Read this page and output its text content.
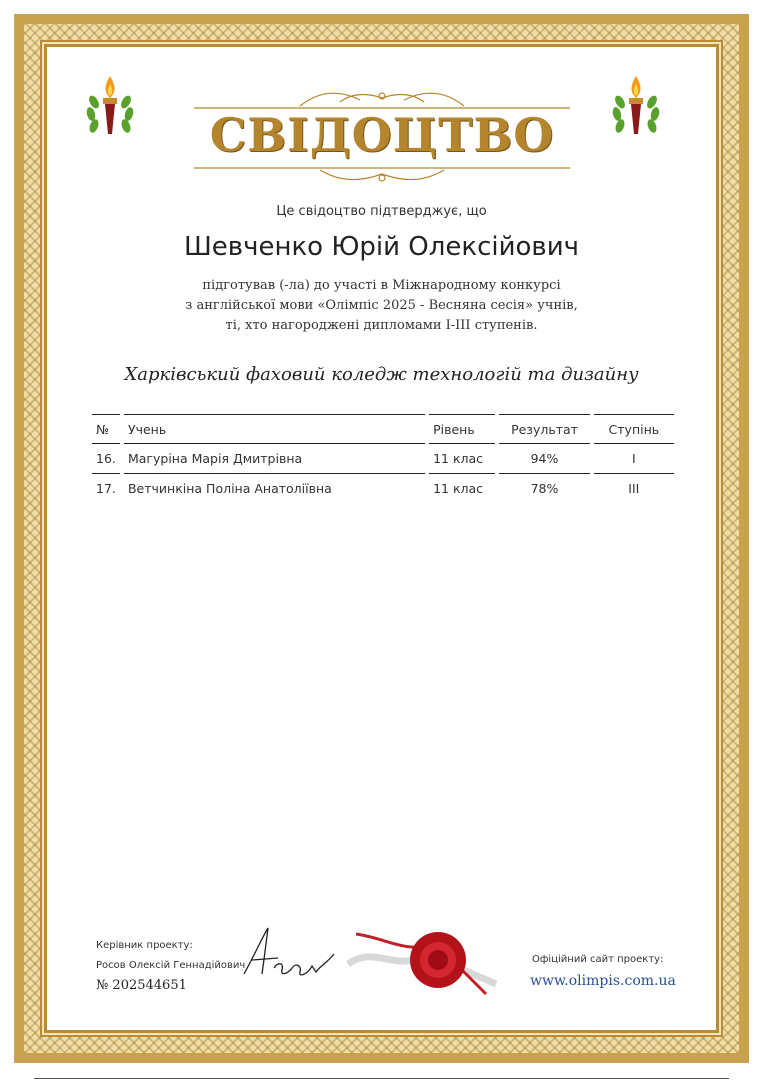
СВІДОЦТВО
Це свідоцтво підтверджує, що
Шевченко Юрій Олексійович
підготував (-ла) до участі в Міжнародному конкурсі
з англійської мови «Олімпіс 2025 - Весняна сесія» учнів,
ті, хто нагороджені дипломами І-ІІІ ступенів.
Харківський фаховий коледж технологій та дизайну
№	Учень	Рівень	Результат	Ступінь
16.	Магуріна Марія Дмитрівна	11 клас	94%	І
17.	Ветчинкіна Поліна Анатоліївна	11 клас	78%	ІІІ
Керівник проекту:
Росов Олексій Геннадійович
№ 202544651
Офіційний сайт проекту:
www.olimpis.com.ua
